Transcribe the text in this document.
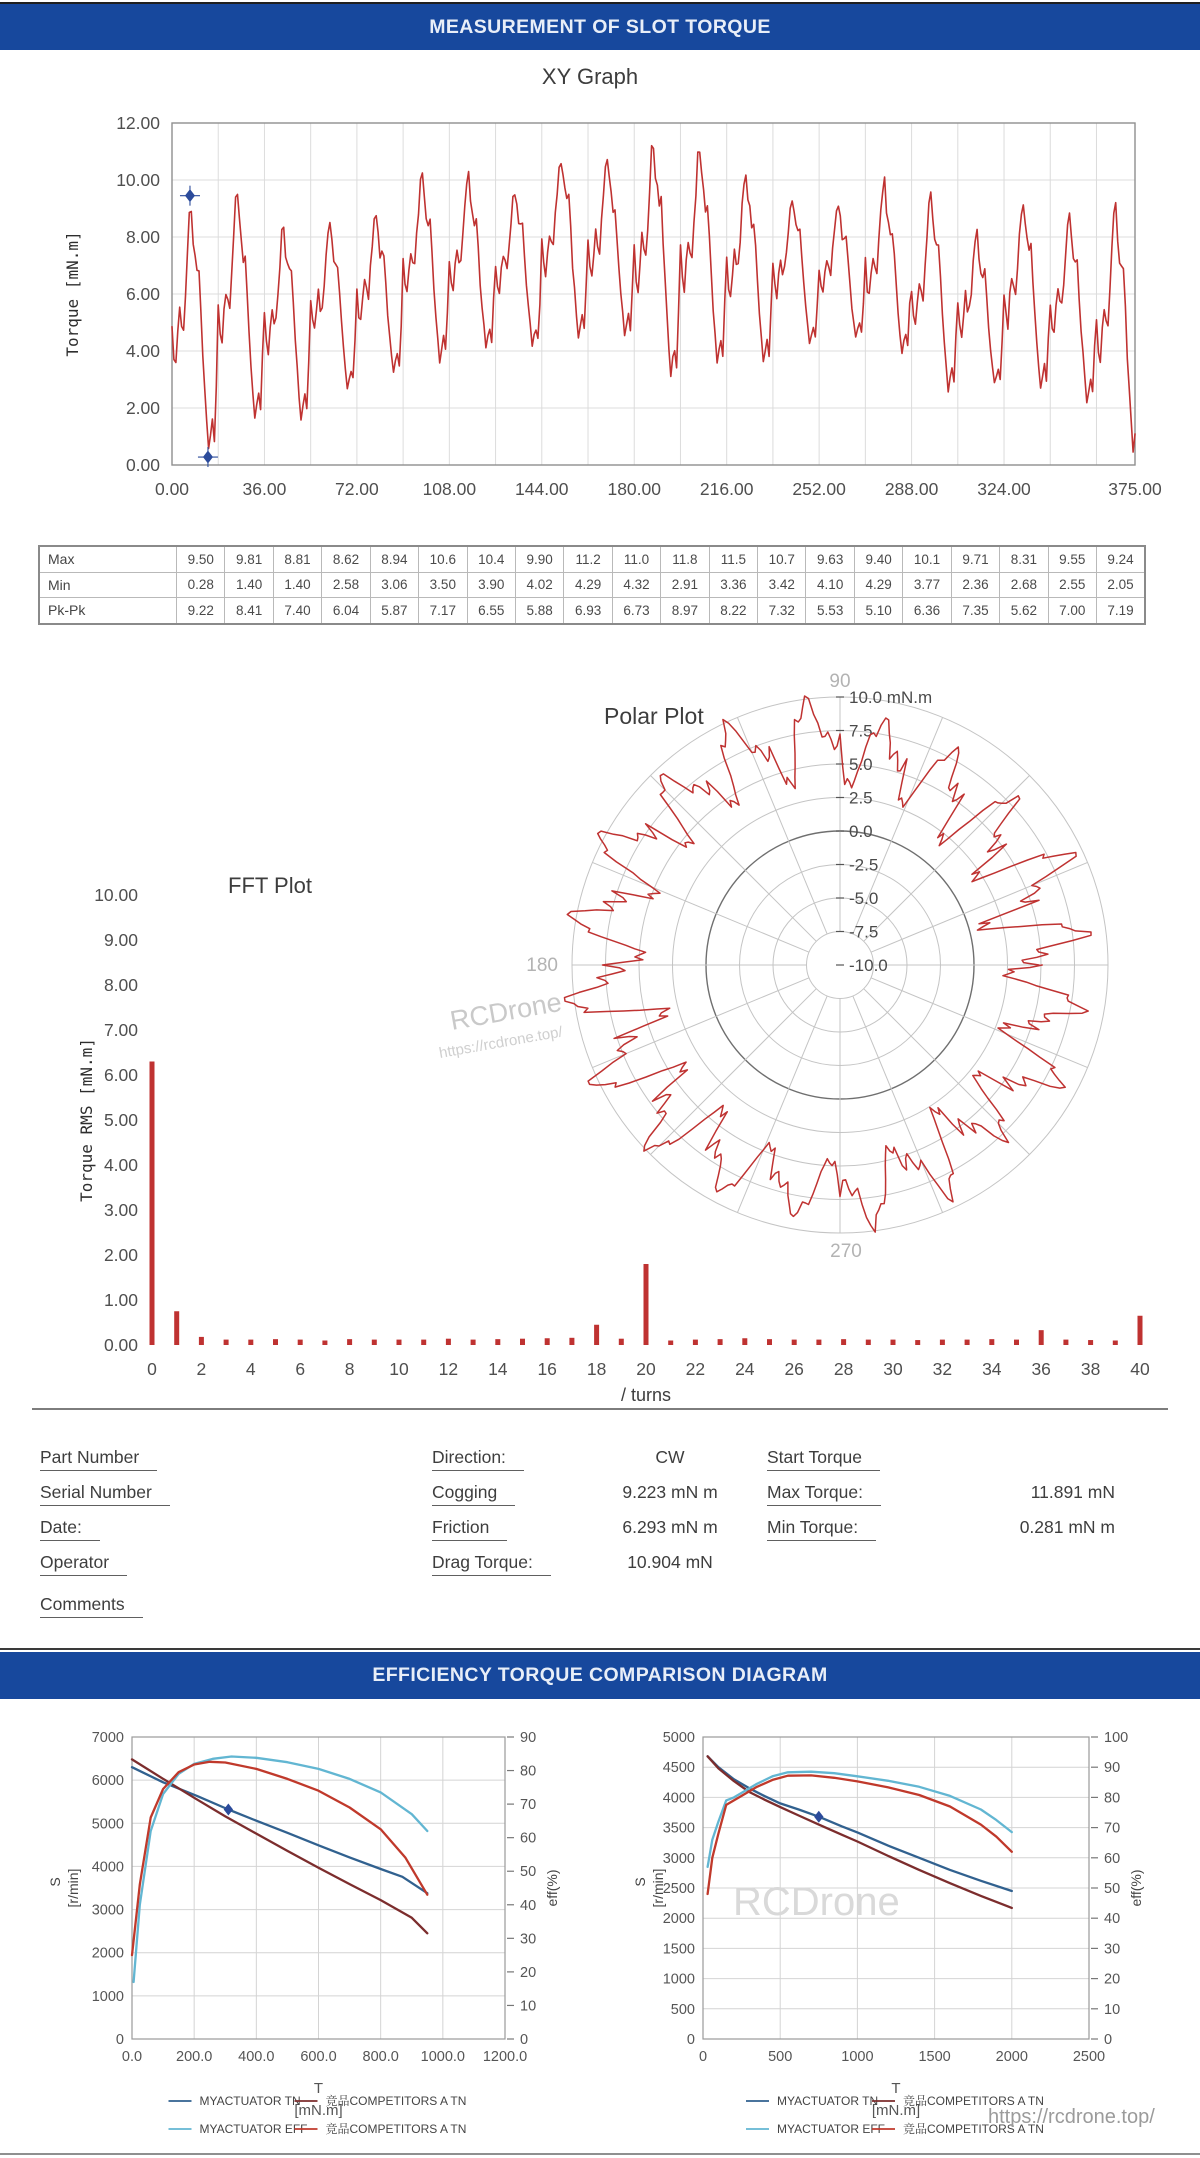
MEASUREMENT OF SLOT TORQUE
0.00
2.00
4.00
6.00
8.00
10.00
12.00
0.00	36.00	72.00	108.00 144.00 180.00 216.00 252.00 288.00 324.00	375.00
XY Graph
Torque [mN.m]
Max	9.50	9.81	8.81	8.62	8.94	10.6	10.4	9.90	11.2	11.0	11.8	11.5	10.7	9.63	9.40	10.1	9.71	8.31	9.55	9.24
Min	0.28	1.40	1.40	2.58	3.06	3.50	3.90	4.02	4.29	4.32	2.91	3.36	3.42	4.10	4.29	3.77	2.36	2.68	2.55	2.05
Pk-Pk	9.22	8.41	7.40	6.04	5.87	7.17	6.55	5.88	6.93	6.73	8.97	8.22	7.32	5.53	5.10	6.36	7.35	5.62	7.00	7.19
0.00
1.00
2.00
3.00
4.00
5.00
6.00
7.00
8.00
9.00
10.00
0 2 4 6 8 10 12 14 16 18 20 22 24 26 28 30 32 34 36 38 40
/ turns
Torque RMS [mN.m]
FFT Plot
10.0 mN.m
7.5
5.0
2.5
0.0
-2.5
-5.0
-7.5
-10.0
90
180
270
Polar Plot
RCDrone
https://rcdrone.top/
Part Number
Serial Number
Date:
Operator
Comments
Direction:	CW
Cogging	9.223 mN m
Friction	6.293 mN m
Drag Torque:	10.904 mN
Start Torque
Max Torque:	11.891 mN
Min Torque:	0.281 mN m
EFFICIENCY TORQUE COMPARISON DIAGRAM
0
1000
2000
3000
4000
5000
6000
7000
0
10
20
30
40
50
60
70
80
90
0.0 200.0 400.0 600.0 800.0 1000.0 1200.0
S [r/min]	eff(%)
T
[mN.m]
MYACTUATOR TN 竞品COMPETITORS A TN
MYACTUATOR EFF 竞品COMPETITORS A TN
0
500
1000
1500
2000
2500
3000
3500
4000
4500
5000
0
10
20
30
40
50
60
70
80
90
100
0	500	1000	1500	2000	2500
RCDrone
S [r/min]	eff(%)
T
[mN.m]
MYACTUATOR TN 竞品COMPETITORS A TN
MYACTUATOR EFF 竞品COMPETITORS A TN
https://rcdrone.top/
